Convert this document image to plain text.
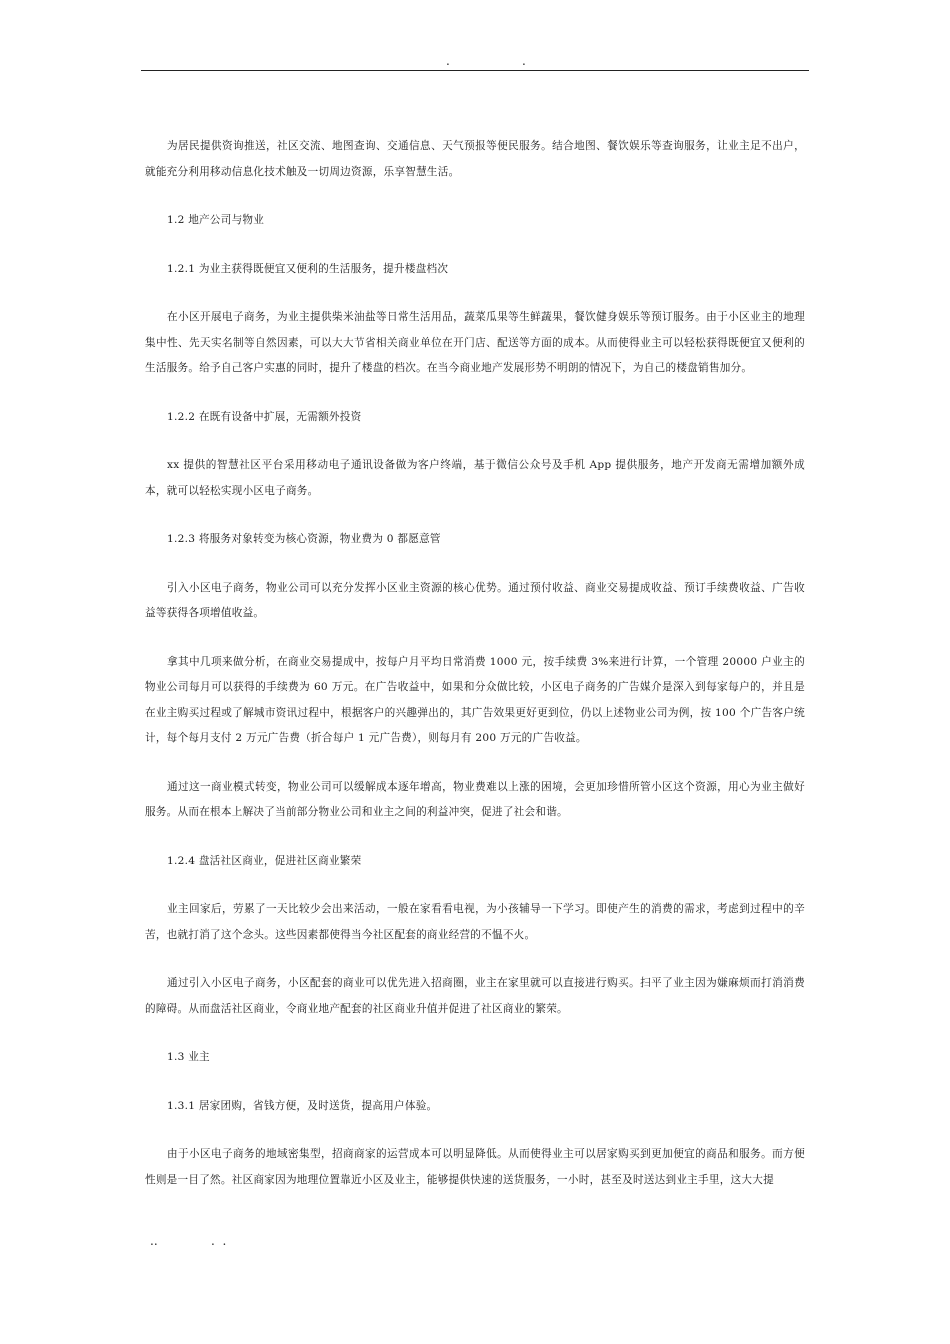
.	.

为居民提供资询推送，社区交流、地图查询、交通信息、天气预报等便民服务。结合地图、餐饮娱乐等查询服务，让业主足不出户，就能充分利用移动信息化技术触及一切周边资源，乐享智慧生活。

1.2 地产公司与物业

1.2.1 为业主获得既便宜又便利的生活服务，提升楼盘档次

在小区开展电子商务，为业主提供柴米油盐等日常生活用品，蔬菜瓜果等生鲜蔬果，餐饮健身娱乐等预订服务。由于小区业主的地理集中性、先天实名制等自然因素，可以大大节省相关商业单位在开门店、配送等方面的成本。从而使得业主可以轻松获得既便宜又便利的生活服务。给予自己客户实惠的同时，提升了楼盘的档次。在当今商业地产发展形势不明朗的情况下，为自己的楼盘销售加分。

1.2.2 在既有设备中扩展，无需额外投资

xx 提供的智慧社区平台采用移动电子通讯设备做为客户终端，基于微信公众号及手机 App 提供服务，地产开发商无需增加额外成本，就可以轻松实现小区电子商务。

1.2.3 将服务对象转变为核心资源，物业费为 0 都愿意管

引入小区电子商务，物业公司可以充分发挥小区业主资源的核心优势。通过预付收益、商业交易提成收益、预订手续费收益、广告收益等获得各项增值收益。

拿其中几项来做分析，在商业交易提成中，按每户月平均日常消费 1000 元，按手续费 3%来进行计算，一个管理 20000 户业主的物业公司每月可以获得的手续费为 60 万元。在广告收益中，如果和分众做比较，小区电子商务的广告媒介是深入到每家每户的，并且是在业主购买过程或了解城市资讯过程中，根据客户的兴趣弹出的，其广告效果更好更到位，仍以上述物业公司为例，按 100 个广告客户统计，每个每月支付 2 万元广告费（折合每户 1 元广告费），则每月有 200 万元的广告收益。

通过这一商业模式转变，物业公司可以缓解成本逐年增高，物业费难以上涨的困境，会更加珍惜所管小区这个资源，用心为业主做好服务。从而在根本上解决了当前部分物业公司和业主之间的利益冲突，促进了社会和谐。

1.2.4 盘活社区商业，促进社区商业繁荣

业主回家后，劳累了一天比较少会出来活动，一般在家看看电视，为小孩辅导一下学习。即使产生的消费的需求，考虑到过程中的辛苦，也就打消了这个念头。这些因素都使得当今社区配套的商业经营的不愠不火。

通过引入小区电子商务，小区配套的商业可以优先进入招商圈，业主在家里就可以直接进行购买。扫平了业主因为嫌麻烦而打消消费的障碍。从而盘活社区商业，令商业地产配套的社区商业升值并促进了社区商业的繁荣。

1.3 业主

1.3.1 居家团购，省钱方便，及时送货，提高用户体验。

由于小区电子商务的地域密集型，招商商家的运营成本可以明显降低。从而使得业主可以居家购买到更加便宜的商品和服务。而方便性则是一目了然。社区商家因为地理位置靠近小区及业主，能够提供快速的送货服务，一小时，甚至及时送达到业主手里，这大大提

..              .  .
